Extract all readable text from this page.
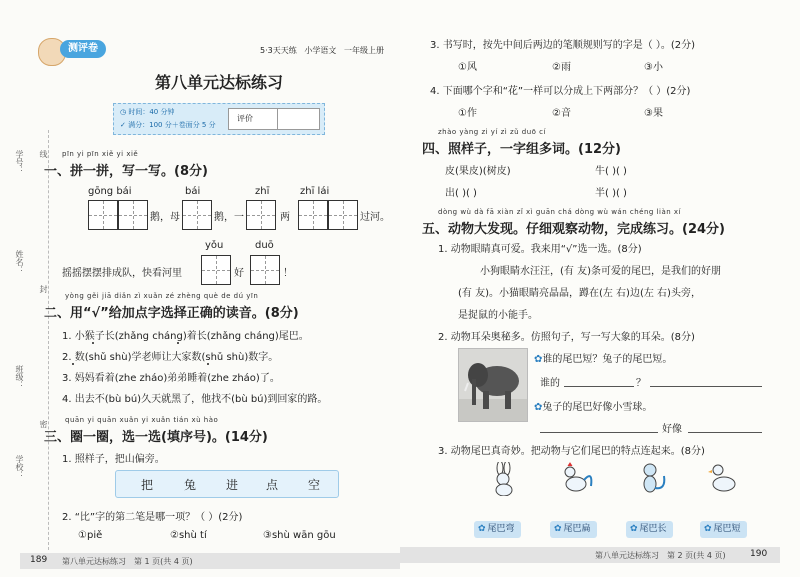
学号：
姓名：
班级：
学校：
线
封
密
测评卷	5·3天天练 小学语文 一年级上册
第八单元达标练习
◷ 时间：40 分钟
✓ 满分：100 分＋卷面分 5 分
评价
pīn yi pīn xiě yi xiě
一、拼一拼，写一写。(8分)
gōng bái	bái	zhī	zhī lái
鹅，母	鹅，一	两	过河。
yǒu	duō
摇摇摆摆排成队，快看河里	好	！
yòng gěi jiā diǎn zì xuǎn zé zhèng què de dú yīn
二、用“√”给加点字选择正确的读音。(8分)
1. 小猴子长(zhǎng cháng)着长(zhǎng cháng)尾巴。
2. 数(shǔ shù)学老师让大家数(shǔ shù)数字。
3. 妈妈看着(zhe zháo)弟弟睡着(zhe zháo)了。
4. 出去不(bù bú)久天就黑了，他找不(bù bú)到回家的路。
quān yi quān xuǎn yi xuǎn tián xù hào
三、圈一圈，选一选(填序号)。(14分)
1. 照样子，把山偏旁。
把	兔 进 点 空
2. “比”字的第二笔是哪一项？（ ）(2分)
①piě	②shù tí	③shù wān gōu
189 第八单元达标练习　第 1 页(共 4 页)
3. 书写时，按先中间后两边的笔顺规则写的字是（ ）。(2分)
①风	②雨	③小
4. 下面哪个字和“花”一样可以分成上下两部分？（ ）(2分)
①作	②音	③果
zhào yàng zi yí zì zǔ duō cí
四、照样子，一字组多词。(12分)
皮(果皮)(树皮)	牛( )( )
出( )( )	半( )( )
dòng wù dà fā xiàn zǐ xì guān chá dòng wù wán chéng liàn xí
五、动物大发现。仔细观察动物，完成练习。(24分)
1. 动物眼睛真可爱。我来用“√”选一选。(8分)
小狗眼睛水汪汪，(有 友)条可爱的尾巴，是我们的好朋
(有 友)。小猫眼睛亮晶晶，蹲在(左 右)边(左 右)头旁，
是捉鼠的小能手。
2. 动物耳朵奥秘多。仿照句子，写一写大象的耳朵。(8分)
✿谁的尾巴短？兔子的尾巴短。
谁的	？
✿兔子的尾巴好像小雪球。
好像
3. 动物尾巴真奇妙。把动物与它们尾巴的特点连起来。(8分)
✿ 尾巴弯	✿ 尾巴扁	✿ 尾巴长	✿ 尾巴短
第八单元达标练习　第 2 页(共 4 页)	190
